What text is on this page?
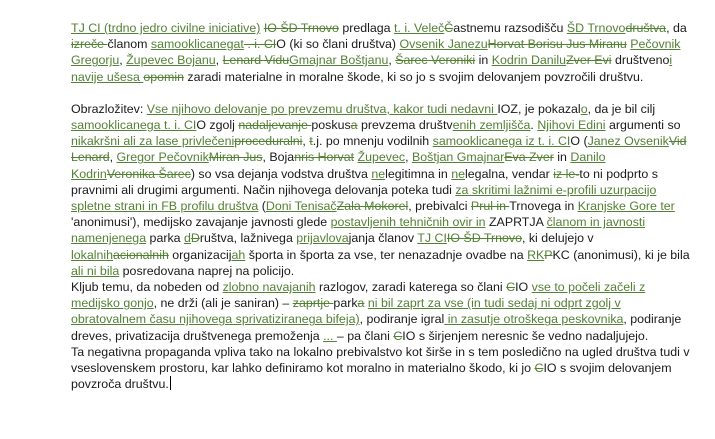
TJ CI (trdno jedro civilne iniciative) IO ŠD Trnovo predlaga t. i. VelečČastnemu razsodišču ŠD Trnovodruštva, da izreče članom samooklicanegat . i. CIO (ki so člani društva) Ovsenik JanezuHorvat Borisu Jus Miranu Pečovnik Gregorju, Župevec Bojanu, Lenard ViduGmajnar Boštjanu, Šarec Veroniki in Kodrin DaniluZver Evi društvenoi navije ušesa opomin zaradi materialne in moralne škode, ki so jo s svojim delovanjem povzročili društvu.

Obrazložitev: Vse njihovo delovanje po prevzemu društva, kakor tudi nedavni IOZ, je pokazalo, da je bil cilj samooklicanega t. i. CIO zgolj nadaljevanje poskusa prevzema društvenih zemljišča. Njihovi Edini argumenti so nikakršni ali za lase privlečeniproceduralni, t.j. po mnenju vodilnih samooklicanega iz t. i. CIO (Janez OvsenikVid Lenard, Gregor PečovnikMiran Jus, Bojanris Horvat Župevec, Boštjan GmajnarEva Zver in Danilo KodrinVeronika Šarec) so vsa dejanja vodstva društva nelegitimna in nelegalna, vendar iz le-to ni podprto s pravnimi ali drugimi argumenti. Način njihovega delovanja poteka tudi za skritimi lažnimi e-profili uzurpacijo spletne strani in FB profilu društva (Doni TenisačZala Mokorel, prebivalci Prul in Trnovega in Kranjske Gore ter 'anonimusi'), medijsko zavajanje javnosti glede postavljenih tehničnih ovir in ZAPRTJA članom in javnosti namenjenega parka dDruštva, lažnivega prijavlovajanja članov TJ CIIO ŠD Trnovo, ki delujejo v lokalnihacionalnih organizacijah športa in športa za vse, ter nenazadnje ovadbe na RKPKC (anonimusi), ki je bila ali ni bila posredovana naprej na policijo.

Kljub temu, da nobeden od zlobno navajanih razlogov, zaradi katerega so člani CIO vse to počeli začeli z medijsko gonjo, ne drži (ali je saniran) – zaprtje parka ni bil zaprt za vse (in tudi sedaj ni odprt zgolj v obratovalnem času njihovega sprivatiziranega bifeja), podiranje igral in zasutje otroškega peskovnika, podiranje dreves, privatizacija društvenega premoženja ... – pa člani CIO s širjenjem neresnic še vedno nadaljujejo.

Ta negativna propaganda vpliva tako na lokalno prebivalstvo kot širše in s tem posledično na ugled društva tudi v vseslovenskem prostoru, kar lahko definiramo kot moralno in materialno škodo, ki jo CIO s svojim delovanjem povzroča društvu.
